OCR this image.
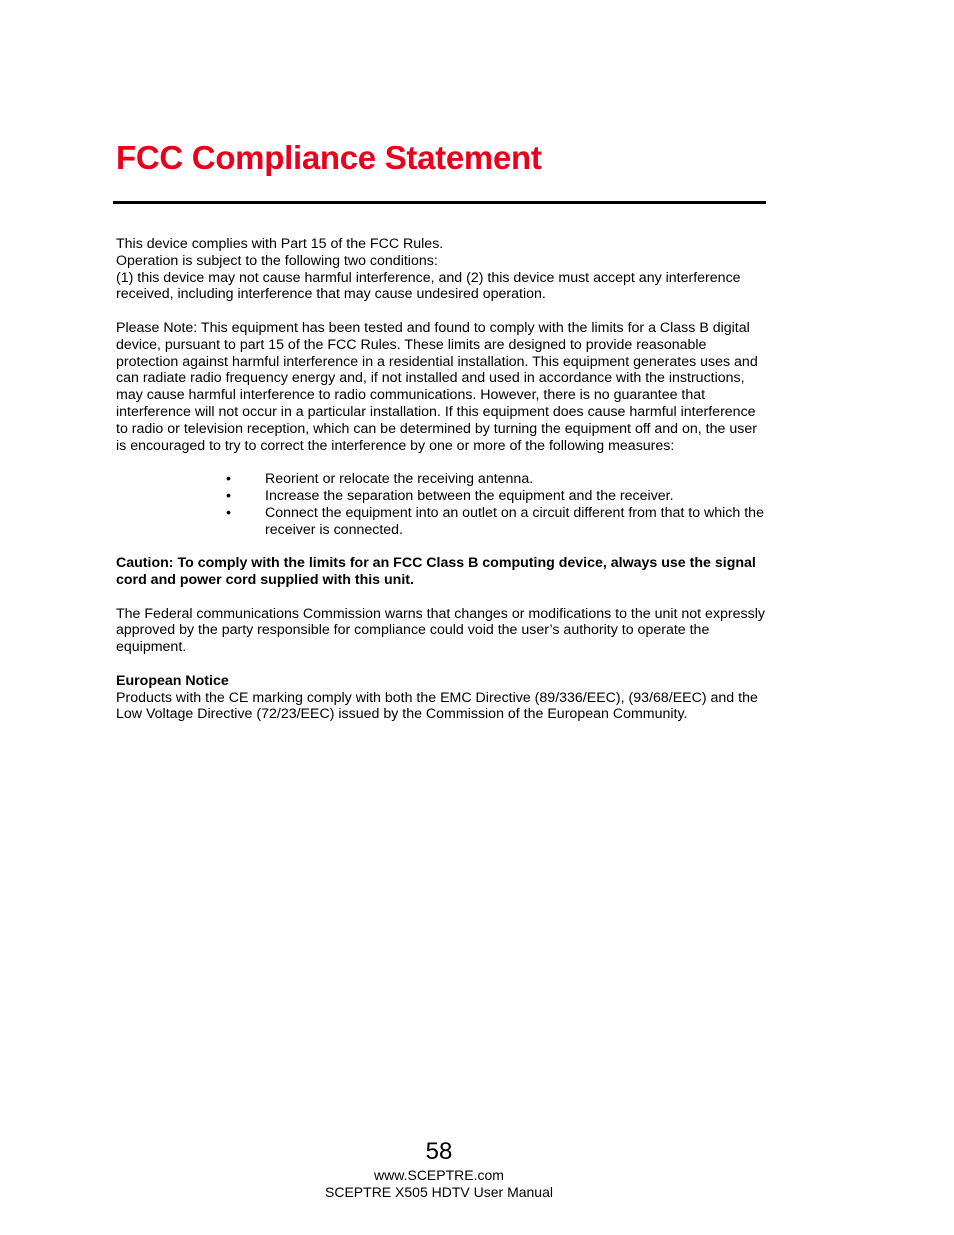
FCC Compliance Statement

This device complies with Part 15 of the FCC Rules.

Operation is subject to the following two conditions:

(1) this device may not cause harmful interference, and (2) this device must accept any interference received, including interference that may cause undesired operation.

Please Note: This equipment has been tested and found to comply with the limits for a Class B digital device, pursuant to part 15 of the FCC Rules. These limits are designed to provide reasonable protection against harmful interference in a residential installation. This equipment generates uses and can radiate radio frequency energy and, if not installed and used in accordance with the instructions, may cause harmful interference to radio communications. However, there is no guarantee that interference will not occur in a particular installation. If this equipment does cause harmful interference to radio or television reception, which can be determined by turning the equipment off and on, the user is encouraged to try to correct the interference by one or more of the following measures:

• Reorient or relocate the receiving antenna.
• Increase the separation between the equipment and the receiver.
• Connect the equipment into an outlet on a circuit different from that to which the receiver is connected.

Caution: To comply with the limits for an FCC Class B computing device, always use the signal cord and power cord supplied with this unit.

The Federal communications Commission warns that changes or modifications to the unit not expressly approved by the party responsible for compliance could void the user’s authority to operate the equipment.

European Notice

Products with the CE marking comply with both the EMC Directive (89/336/EEC), (93/68/EEC) and the Low Voltage Directive (72/23/EEC) issued by the Commission of the European Community.

58
www.SCEPTRE.com
SCEPTRE X505 HDTV User Manual
